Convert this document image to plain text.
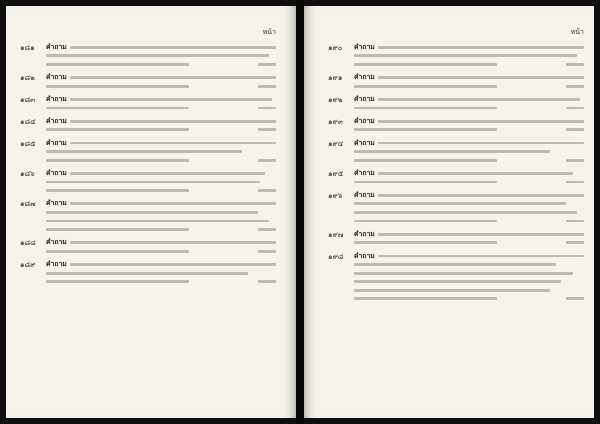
หน้า
๑๘๑	คำถาม
๑๘๒	คำถาม
๑๘๓	คำถาม
๑๘๔	คำถาม
๑๘๕	คำถาม
๑๘๖	คำถาม
๑๘๗	คำถาม
๑๘๘	คำถาม
๑๘๙	คำถาม
หน้า
๑๙๐	คำถาม
๑๙๑	คำถาม
๑๙๒	คำถาม
๑๙๓	คำถาม
๑๙๔	คำถาม
๑๙๕	คำถาม
๑๙๖	คำถาม
๑๙๗	คำถาม
๑๙๘	คำถาม
